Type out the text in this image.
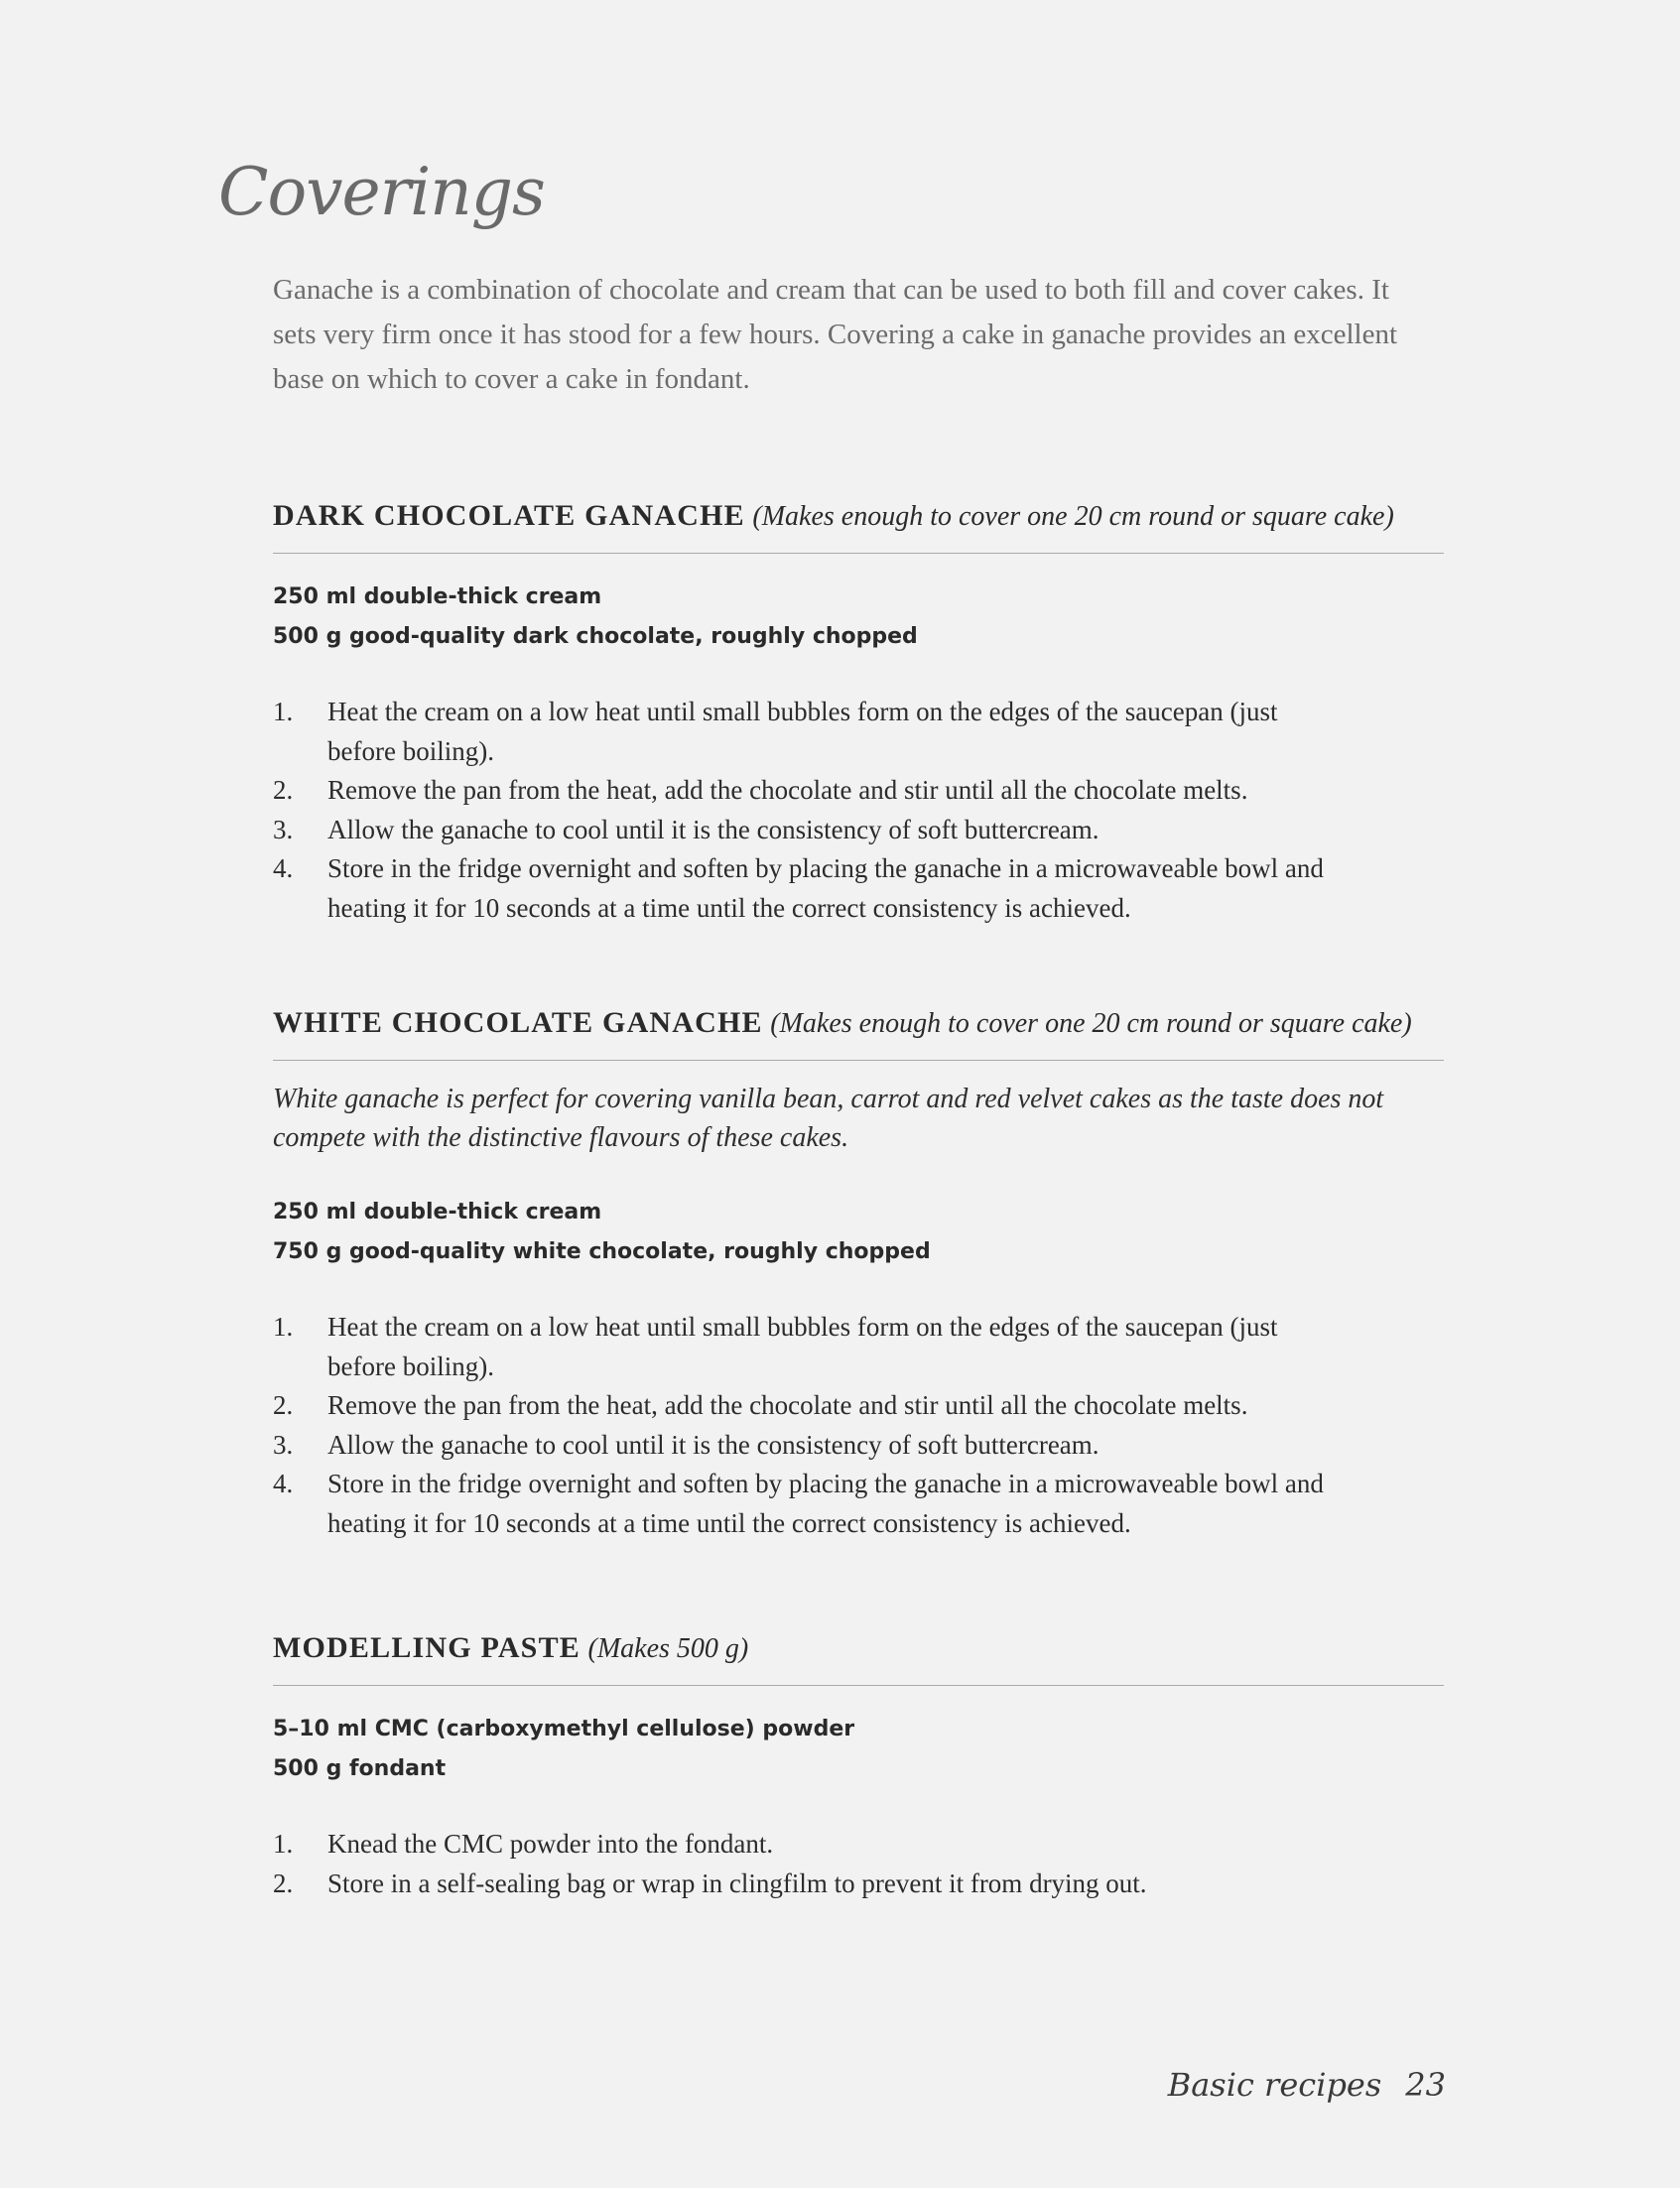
Coverings

Ganache is a combination of chocolate and cream that can be used to both fill and cover cakes. It sets very firm once it has stood for a few hours. Covering a cake in ganache provides an excellent base on which to cover a cake in fondant.

DARK CHOCOLATE GANACHE (Makes enough to cover one 20 cm round or square cake)
250 ml double-thick cream
500 g good-quality dark chocolate, roughly chopped
1.	Heat the cream on a low heat until small bubbles form on the edges of the saucepan (just before boiling).
2.	Remove the pan from the heat, add the chocolate and stir until all the chocolate melts.
3.	Allow the ganache to cool until it is the consistency of soft buttercream.
4.	Store in the fridge overnight and soften by placing the ganache in a microwaveable bowl and heating it for 10 seconds at a time until the correct consistency is achieved.
WHITE CHOCOLATE GANACHE (Makes enough to cover one 20 cm round or square cake)

White ganache is perfect for covering vanilla bean, carrot and red velvet cakes as the taste does not compete with the distinctive flavours of these cakes.

250 ml double-thick cream
750 g good-quality white chocolate, roughly chopped
1.	Heat the cream on a low heat until small bubbles form on the edges of the saucepan (just before boiling).
2.	Remove the pan from the heat, add the chocolate and stir until all the chocolate melts.
3.	Allow the ganache to cool until it is the consistency of soft buttercream.
4.	Store in the fridge overnight and soften by placing the ganache in a microwaveable bowl and heating it for 10 seconds at a time until the correct consistency is achieved.
MODELLING PASTE (Makes 500 g)
5–10 ml CMC (carboxymethyl cellulose) powder
500 g fondant
1.	Knead the CMC powder into the fondant.
2.	Store in a self-sealing bag or wrap in clingfilm to prevent it from drying out.
Basic recipes 23
